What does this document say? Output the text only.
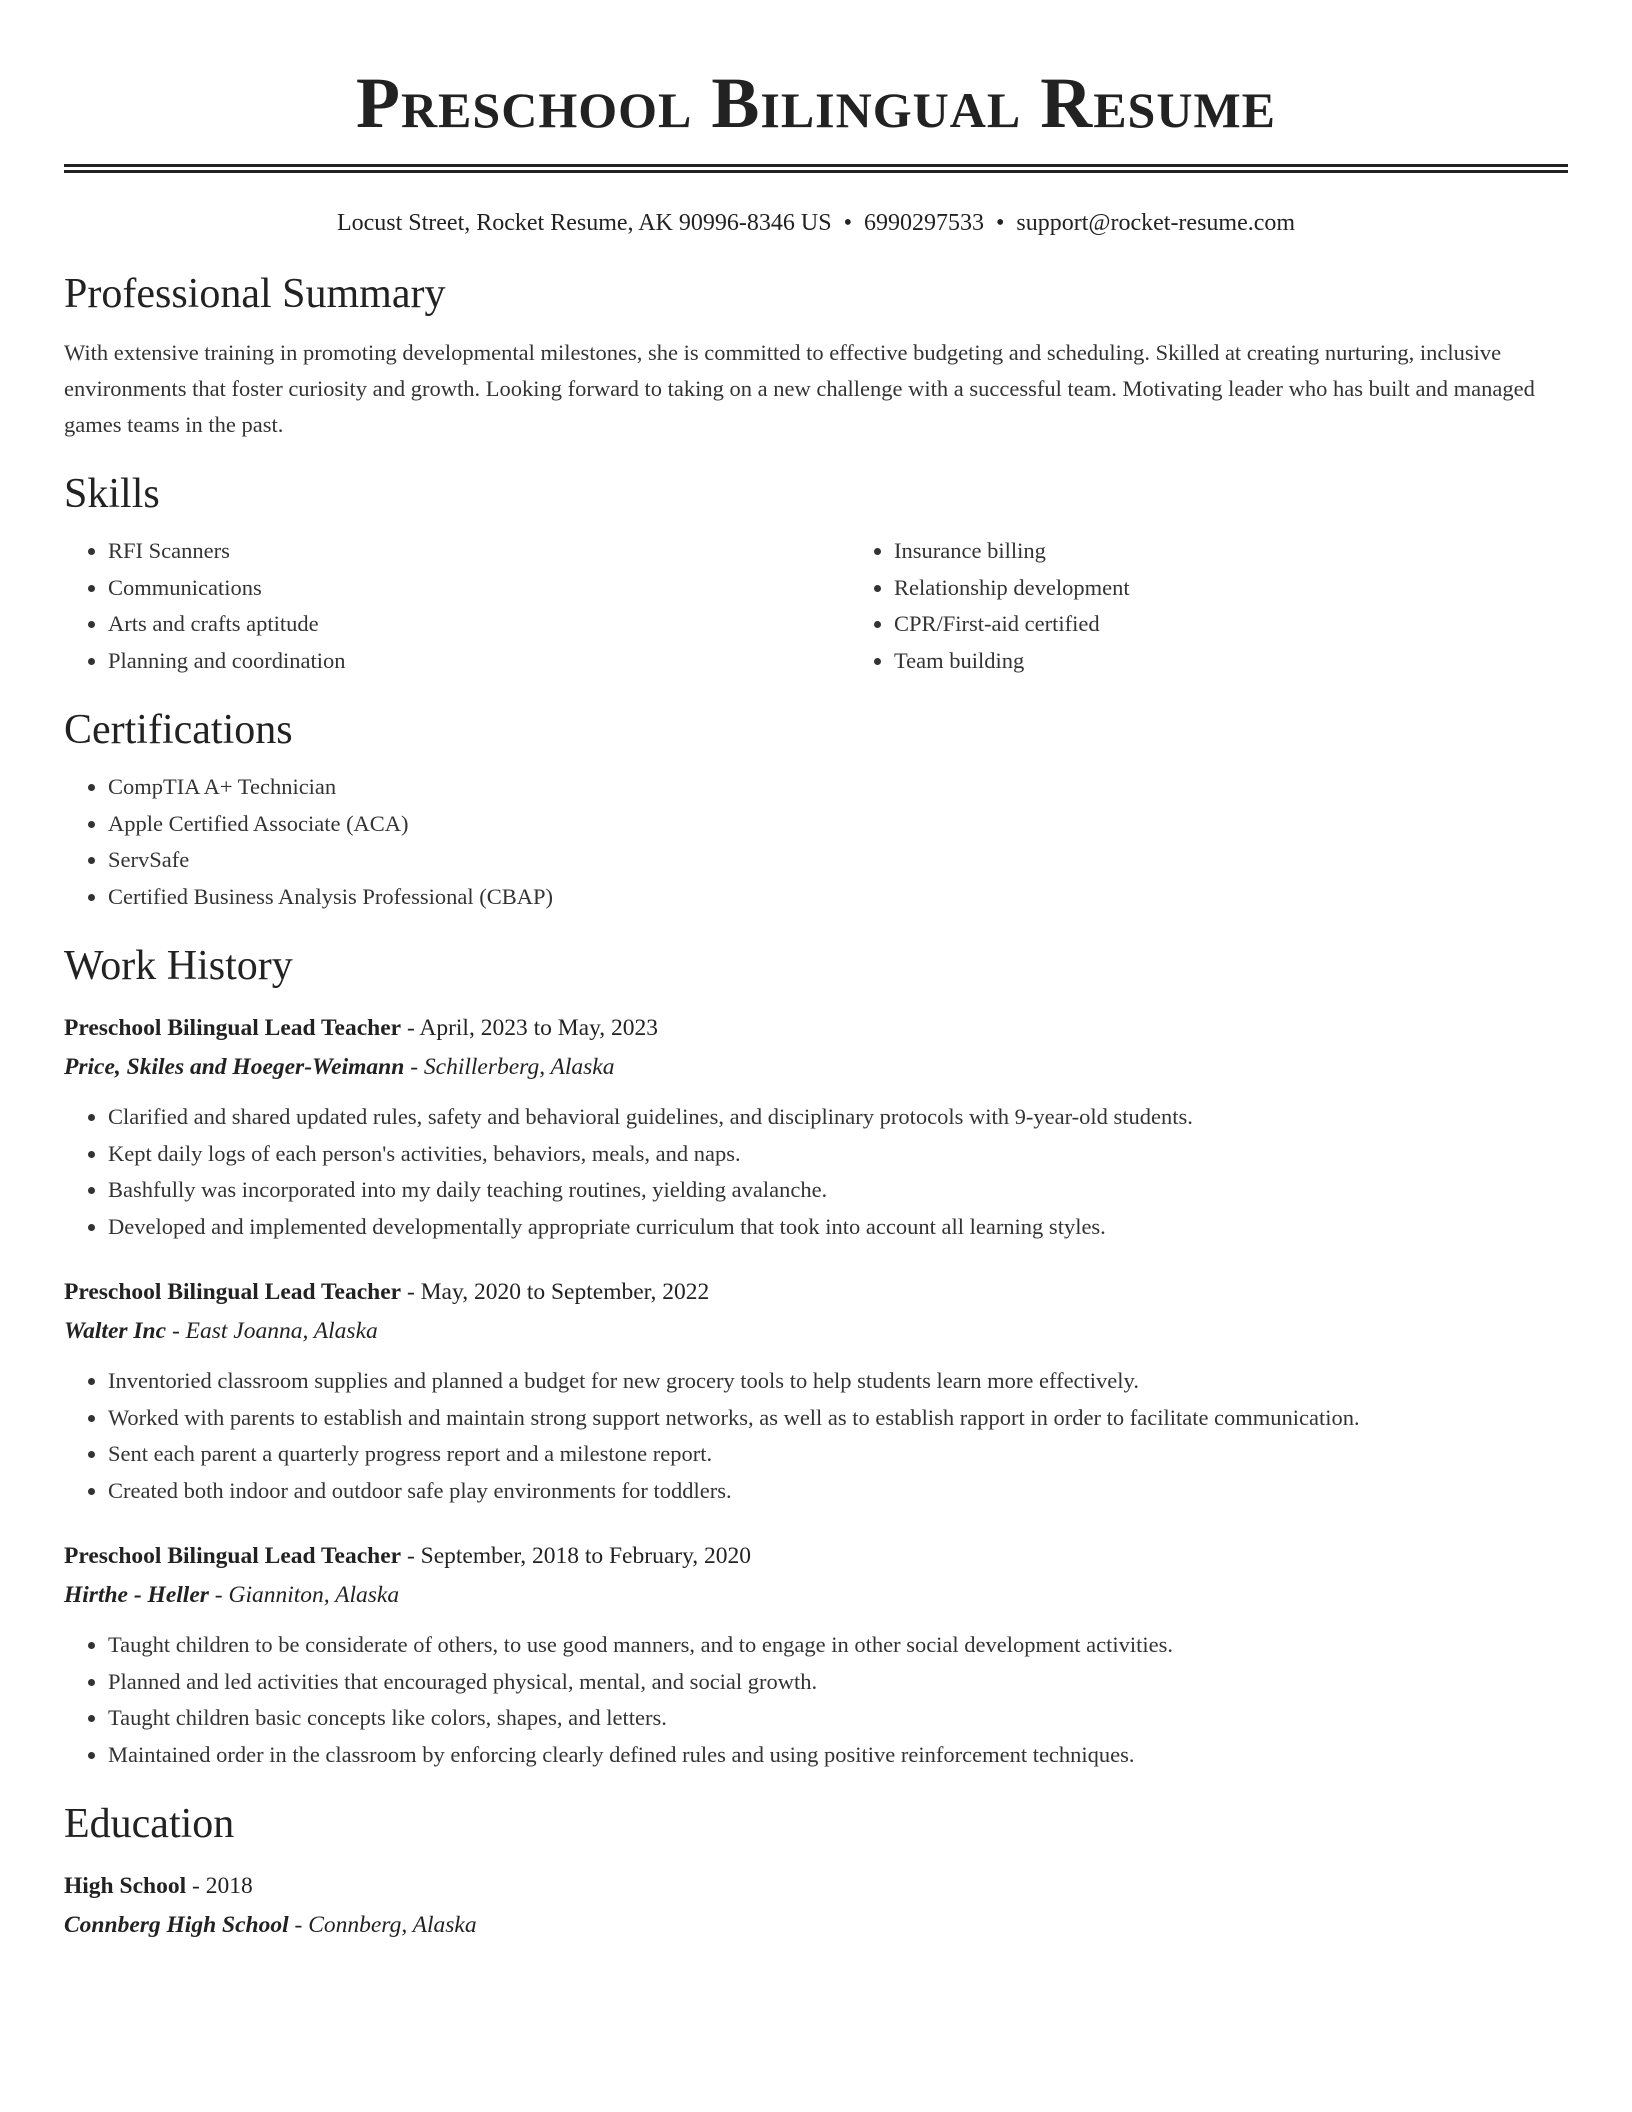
Preschool Bilingual Resume
Locust Street, Rocket Resume, AK 90996-8346 US • 6990297533 • support@rocket-resume.com
Professional Summary

With extensive training in promoting developmental milestones, she is committed to effective budgeting and scheduling. Skilled at creating nurturing, inclusive environments that foster curiosity and growth. Looking forward to taking on a new challenge with a successful team. Motivating leader who has built and managed games teams in the past.

Skills
• RFI Scanners
• Communications
• Arts and crafts aptitude
• Planning and coordination
• Insurance billing
• Relationship development
• CPR/First-aid certified
• Team building
Certifications
• CompTIA A+ Technician
• Apple Certified Associate (ACA)
• ServSafe
• Certified Business Analysis Professional (CBAP)
Work History
Preschool Bilingual Lead Teacher - April, 2023 to May, 2023
Price, Skiles and Hoeger-Weimann - Schillerberg, Alaska
• Clarified and shared updated rules, safety and behavioral guidelines, and disciplinary protocols with 9-year-old students.
• Kept daily logs of each person's activities, behaviors, meals, and naps.
• Bashfully was incorporated into my daily teaching routines, yielding avalanche.
• Developed and implemented developmentally appropriate curriculum that took into account all learning styles.
Preschool Bilingual Lead Teacher - May, 2020 to September, 2022
Walter Inc - East Joanna, Alaska
• Inventoried classroom supplies and planned a budget for new grocery tools to help students learn more effectively.
• Worked with parents to establish and maintain strong support networks, as well as to establish rapport in order to facilitate communication.
• Sent each parent a quarterly progress report and a milestone report.
• Created both indoor and outdoor safe play environments for toddlers.
Preschool Bilingual Lead Teacher - September, 2018 to February, 2020
Hirthe - Heller - Gianniton, Alaska
• Taught children to be considerate of others, to use good manners, and to engage in other social development activities.
• Planned and led activities that encouraged physical, mental, and social growth.
• Taught children basic concepts like colors, shapes, and letters.
• Maintained order in the classroom by enforcing clearly defined rules and using positive reinforcement techniques.
Education
High School - 2018
Connberg High School - Connberg, Alaska
